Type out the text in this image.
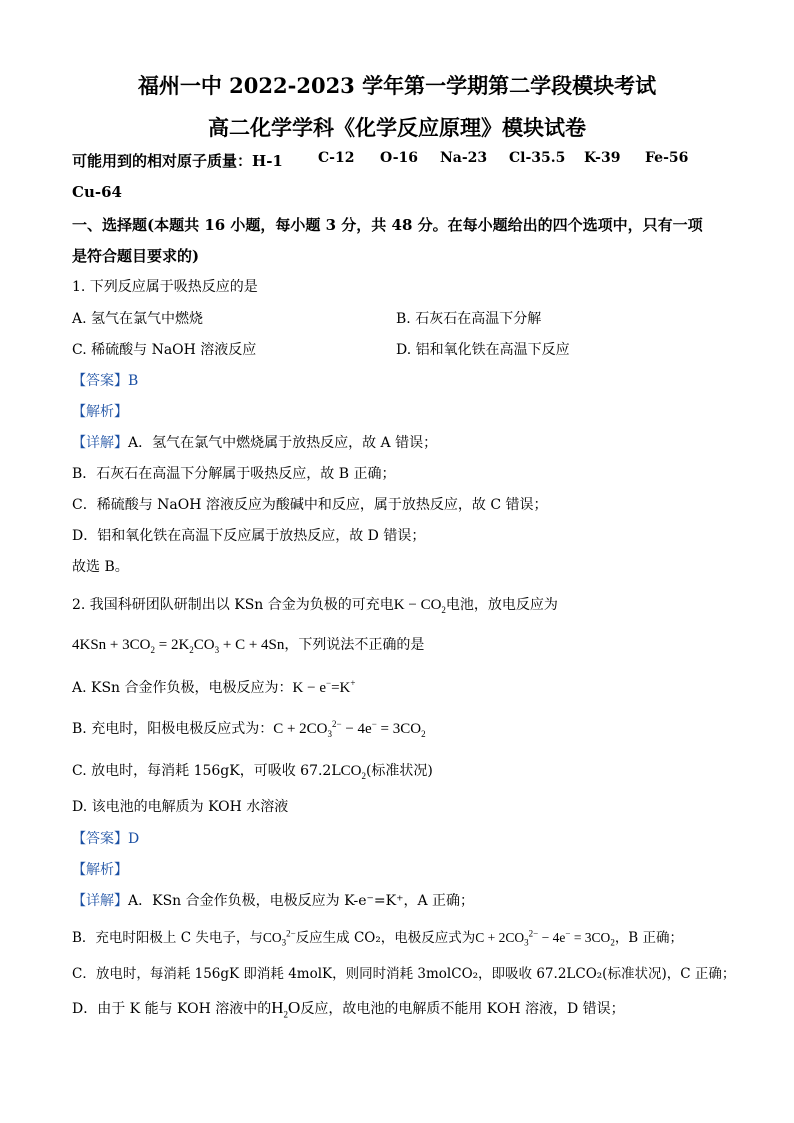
福州一中 2022-2023 学年第一学期第二学段模块考试
高二化学学科《化学反应原理》模块试卷
可能用到的相对原子质量：H-1	C-12 O-16 Na-23 Cl-35.5 K-39 Fe-56
Cu-64
一、选择题(本题共 16 小题，每小题 3 分，共 48 分。在每小题给出的四个选项中，只有一项
是符合题目要求的)
1. 下列反应属于吸热反应的是
A. 氢气在氯气中燃烧	B. 石灰石在高温下分解
C. 稀硫酸与 NaOH 溶液反应	D. 铝和氧化铁在高温下反应
【答案】B
【解析】
【详解】A．氢气在氯气中燃烧属于放热反应，故 A 错误；
B．石灰石在高温下分解属于吸热反应，故 B 正确；
C．稀硫酸与 NaOH 溶液反应为酸碱中和反应，属于放热反应，故 C 错误；
D．铝和氧化铁在高温下反应属于放热反应，故 D 错误；
故选 B。
2. 我国科研团队研制出以 KSn 合金为负极的可充电$K - CO_2$电池，放电反应为
$4KSn + 3CO_2 = 2K_2CO_3 + C + 4Sn$，下列说法不正确的是
A. KSn 合金作负极，电极反应为：K − e−=K+
B. 充电时，阳极电极反应式为：$C + 2CO_3^{2-} - 4e^- = 3CO_2$
C. 放电时，每消耗 156gK，可吸收 $67.2LCO_2$(标准状况)
D. 该电池的电解质为 KOH 水溶液
【答案】D
【解析】
【详解】A．KSn 合金作负极，电极反应为 K-e⁻=K⁺，A 正确；
B．充电时阳极上 C 失电子，与$CO_3^{2-}$反应生成 CO₂，电极反应式为$C + 2CO_3^{2-} - 4e^- = 3CO_2$，B 正确；
C．放电时，每消耗 156gK 即消耗 4molK，则同时消耗 3molCO₂，即吸收 67.2LCO₂(标准状况)，C 正确；
D．由于 K 能与 KOH 溶液中的$H_2O$反应，故电池的电解质不能用 KOH 溶液，D 错误；
